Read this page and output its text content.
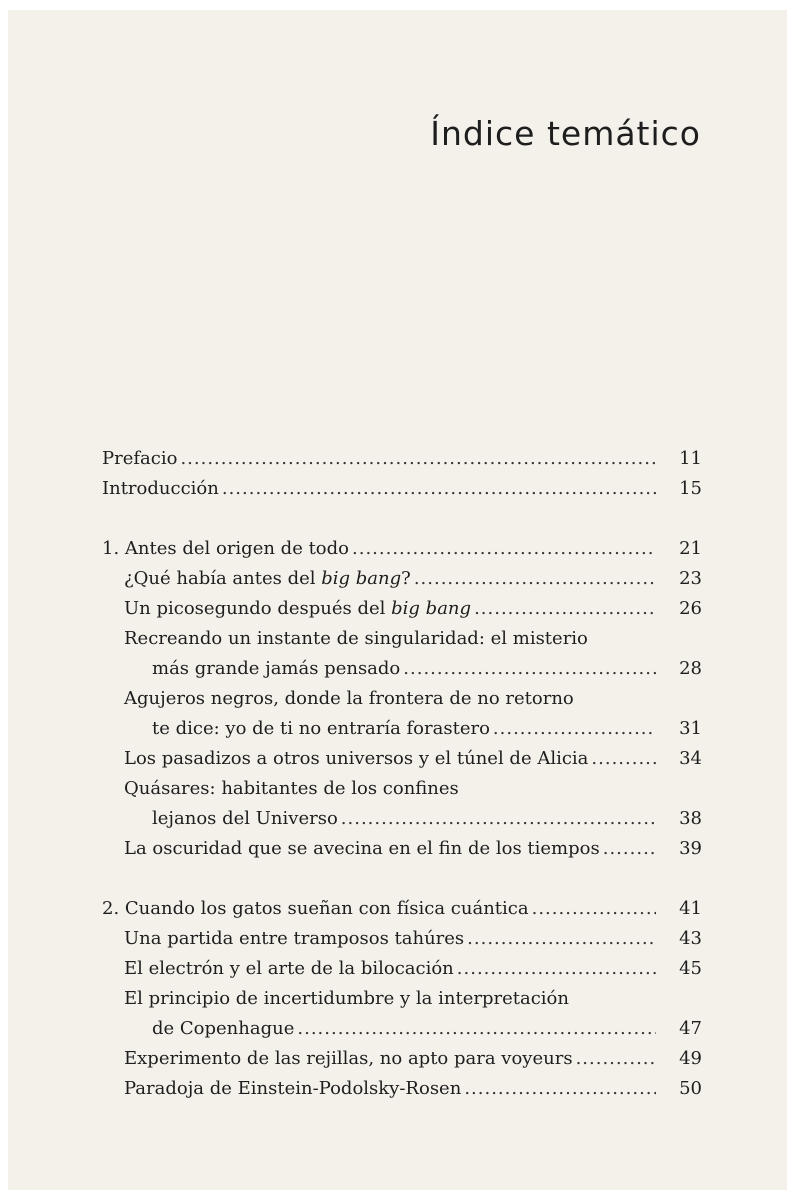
Índice temático
Prefacio .....	11
Introducción .....	15
1. Antes del origen de todo .....	21
¿Qué había antes del big bang? .....	23
Un picosegundo después del big bang .....	26
Recreando un instante de singularidad: el misterio
más grande jamás pensado .....	28
Agujeros negros, donde la frontera de no retorno
te dice: yo de ti no entraría forastero .....	31
Los pasadizos a otros universos y el túnel de Alicia .....	34
Quásares: habitantes de los confines
lejanos del Universo .....	38
La oscuridad que se avecina en el fin de los tiempos .....	39
2. Cuando los gatos sueñan con física cuántica .....	41
Una partida entre tramposos tahúres .....	43
El electrón y el arte de la bilocación .....	45
El principio de incertidumbre y la interpretación
de Copenhague .....	47
Experimento de las rejillas, no apto para voyeurs .....	49
Paradoja de Einstein-Podolsky-Rosen .....	50
